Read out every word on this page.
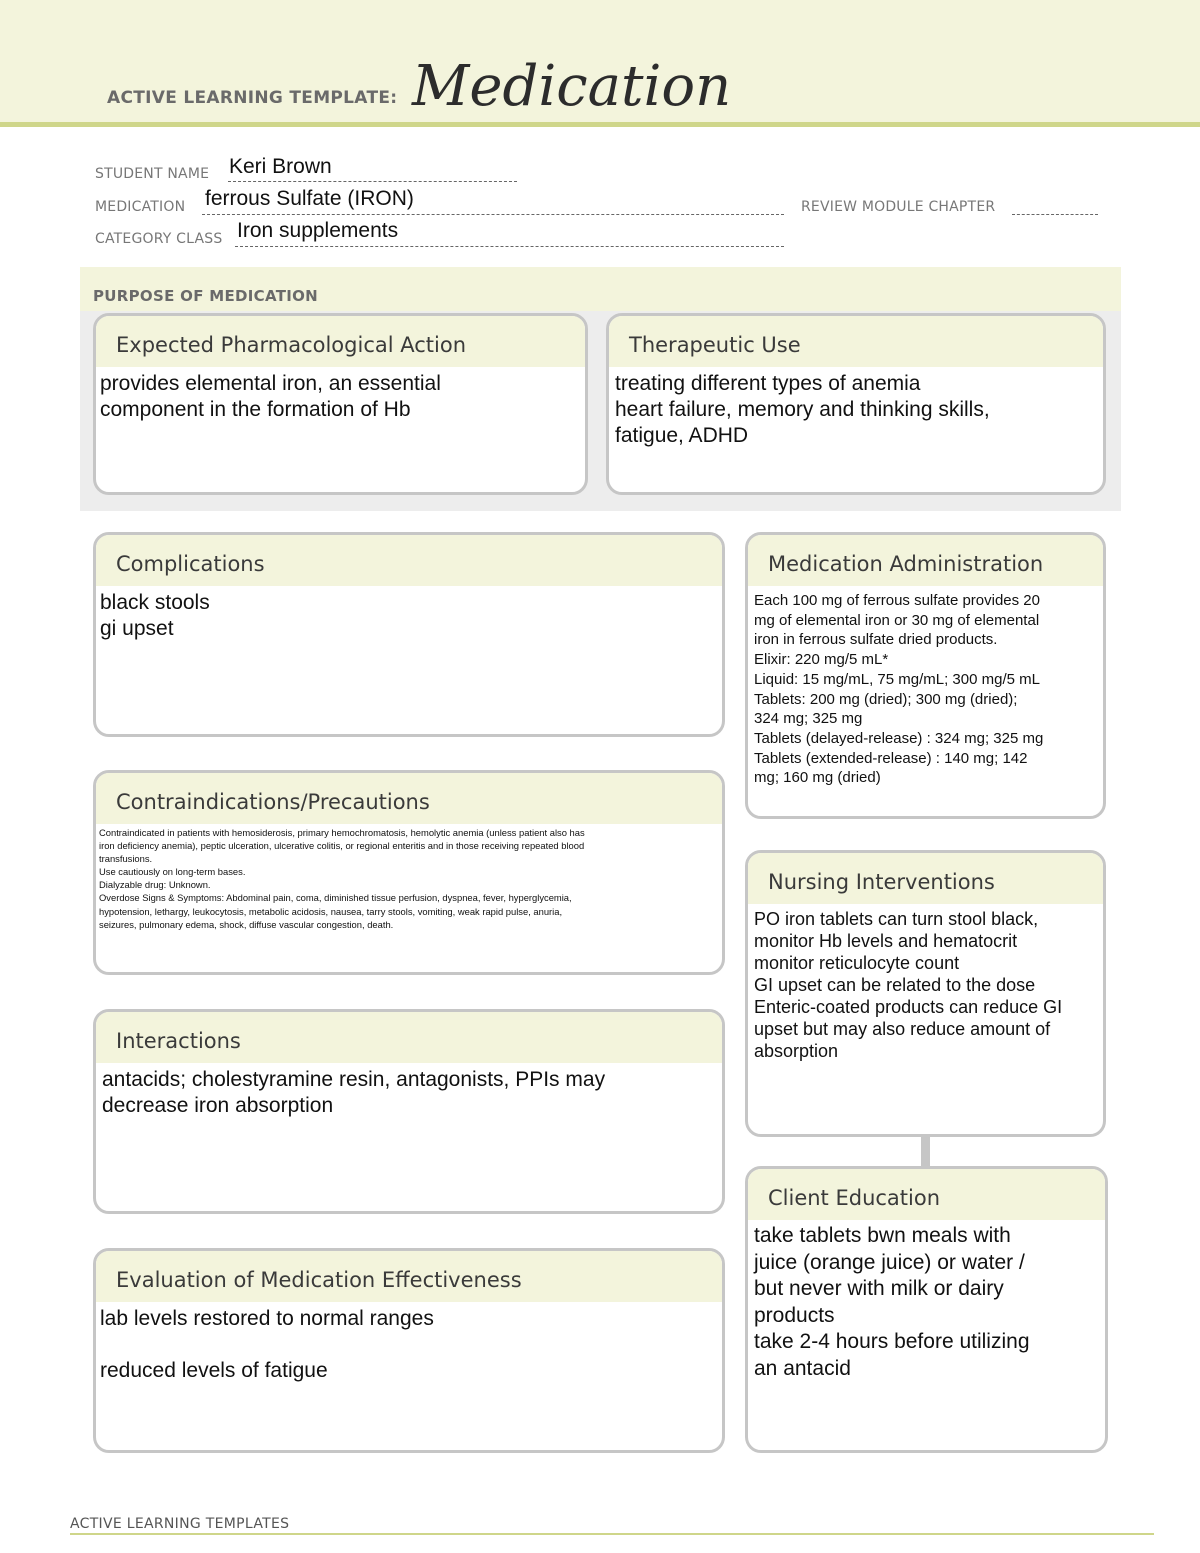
ACTIVE LEARNING TEMPLATE: Medication
STUDENT NAME Keri Brown
MEDICATION ferrous Sulfate (IRON)	REVIEW MODULE CHAPTER
CATEGORY CLASS Iron supplements
PURPOSE OF MEDICATION
Expected Pharmacological Action
provides elemental iron, an essential
component in the formation of Hb
Therapeutic Use
treating different types of anemia
heart failure, memory and thinking skills,
fatigue, ADHD
Complications
black stools
gi upset
Contraindications/Precautions
Contraindicated in patients with hemosiderosis, primary hemochromatosis, hemolytic anemia (unless patient also has
iron deficiency anemia), peptic ulceration, ulcerative colitis, or regional enteritis and in those receiving repeated blood
transfusions.
Use cautiously on long-term bases.
Dialyzable drug: Unknown.
Overdose Signs & Symptoms: Abdominal pain, coma, diminished tissue perfusion, dyspnea, fever, hyperglycemia,
hypotension, lethargy, leukocytosis, metabolic acidosis, nausea, tarry stools, vomiting, weak rapid pulse, anuria,
seizures, pulmonary edema, shock, diffuse vascular congestion, death.
Interactions
antacids; cholestyramine resin, antagonists, PPIs may
decrease iron absorption
Evaluation of Medication Effectiveness
lab levels restored to normal ranges

reduced levels of fatigue
Medication Administration
Each 100 mg of ferrous sulfate provides 20
mg of elemental iron or 30 mg of elemental
iron in ferrous sulfate dried products.
Elixir: 220 mg/5 mL*
Liquid: 15 mg/mL, 75 mg/mL; 300 mg/5 mL
Tablets: 200 mg (dried); 300 mg (dried);
324 mg; 325 mg
Tablets (delayed-release) : 324 mg; 325 mg
Tablets (extended-release) : 140 mg; 142
mg; 160 mg (dried)
Nursing Interventions
PO iron tablets can turn stool black,
monitor Hb levels and hematocrit
monitor reticulocyte count
GI upset can be related to the dose
Enteric-coated products can reduce GI
upset but may also reduce amount of
absorption
Client Education
take tablets bwn meals with
juice (orange juice) or water /
but never with milk or dairy
products
take 2-4 hours before utilizing
an antacid
ACTIVE LEARNING TEMPLATES
